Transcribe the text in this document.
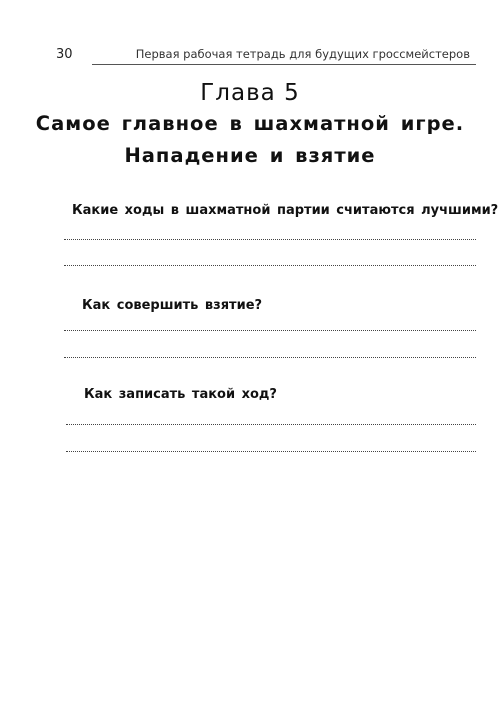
30	Первая рабочая тетрадь для будущих гроссмейстеров
Глава 5
Самое главное в шахматной игре.
Нападение и взятие
Какие ходы в шахматной партии считаются лучшими?
Как совершить взятие?
Как записать такой ход?
